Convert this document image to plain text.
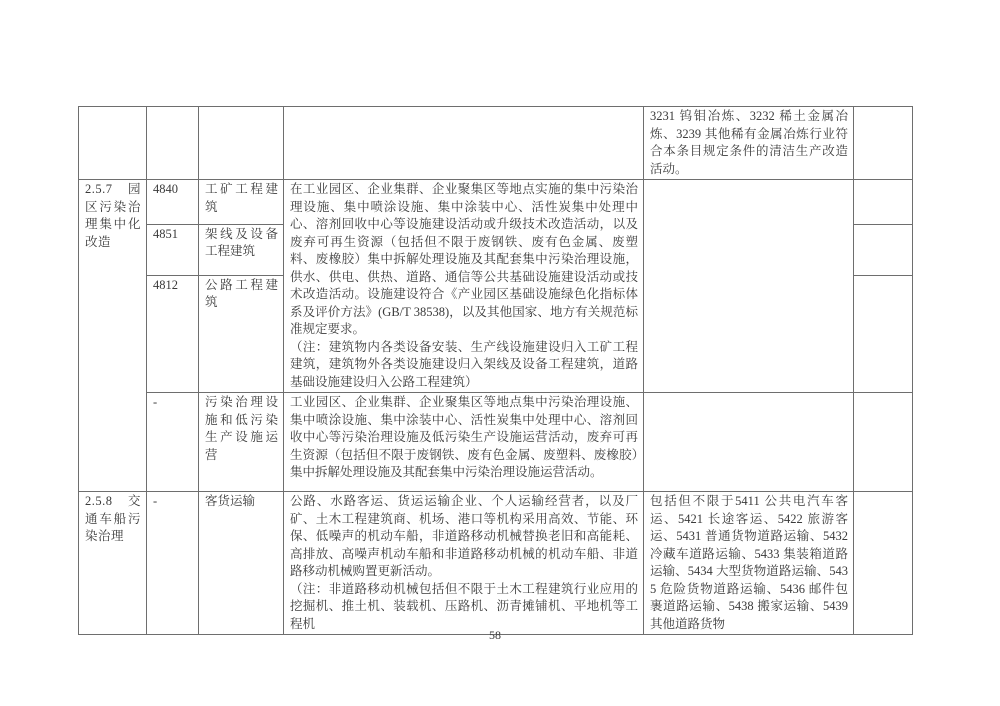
				3231 钨钼冶炼、3232 稀土金属冶炼、3239 其他稀有金属冶炼行业符合本条目规定条件的清洁生产改造活动。	
2.5.7 园区污染治理集中化改造	4840	工矿工程建筑	在工业园区、企业集群、企业聚集区等地点实施的集中污染治理设施、集中喷涂设施、集中涂装中心、活性炭集中处理中心、溶剂回收中心等设施建设活动或升级技术改造活动，以及废弃可再生资源（包括但不限于废钢铁、废有色金属、废塑料、废橡胶）集中拆解处理设施及其配套集中污染治理设施，供水、供电、供热、道路、通信等公共基础设施建设活动或技术改造活动。设施建设符合《产业园区基础设施绿色化指标体系及评价方法》(GB/T 38538)，以及其他国家、地方有关规范标准规定要求。
（注：建筑物内各类设备安装、生产线设施建设归入工矿工程建筑，建筑物外各类设施建设归入架线及设备工程建筑，道路基础设施建设归入公路工程建筑）		

	4851	架线及设备工程建筑			
	4812	公路工程建筑			
	-	污染治理设施和低污染生产设施运营	工业园区、企业集群、企业聚集区等地点集中污染治理设施、集中喷涂设施、集中涂装中心、活性炭集中处理中心、溶剂回收中心等污染治理设施及低污染生产设施运营活动，废弃可再生资源（包括但不限于废钢铁、废有色金属、废塑料、废橡胶）集中拆解处理设施及其配套集中污染治理设施运营活动。		
2.5.8 交通车船污染治理	-	客货运输	公路、水路客运、货运运输企业、个人运输经营者，以及厂矿、土木工程建筑商、机场、港口等机构采用高效、节能、环保、低噪声的机动车船，非道路移动机械替换老旧和高能耗、高排放、高噪声机动车船和非道路移动机械的机动车船、非道路移动机械购置更新活动。
（注：非道路移动机械包括但不限于土木工程建筑行业应用的挖掘机、推土机、装载机、压路机、沥青摊铺机、平地机等工程机	包括但不限于5411 公共电汽车客运、5421 长途客运、5422 旅游客运、5431 普通货物道路运输、5432 冷藏车道路运输、5433 集装箱道路运输、5434 大型货物道路运输、5435 危险货物道路运输、5436 邮件包裹道路运输、5438 搬家运输、5439 其他道路货物	
58
